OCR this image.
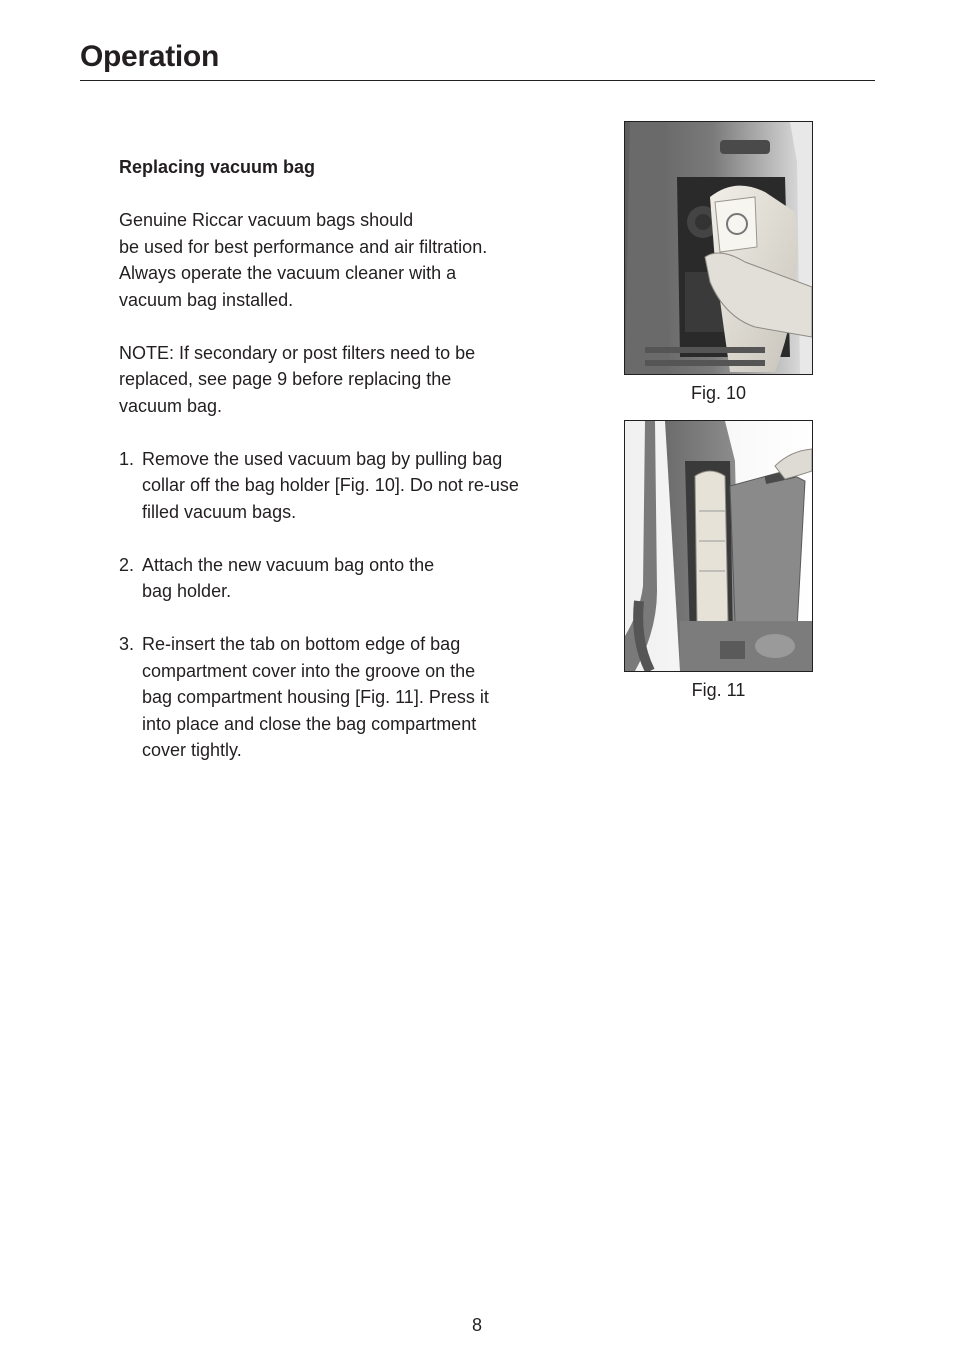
Operation
Replacing vacuum bag

Genuine Riccar vacuum bags should
be used for best performance and air filtration.
Always operate the vacuum cleaner with a
vacuum bag installed.

NOTE: If secondary or post filters need to be
replaced, see page 9 before replacing the
vacuum bag.

1. Remove the used vacuum bag by pulling bag
collar off the bag holder [Fig. 10]. Do not re-use
filled vacuum bags.
2. Attach the new vacuum bag onto the
bag holder.
3. Re-insert the tab on bottom edge of bag
compartment cover into the groove on the
bag compartment housing [Fig. 11]. Press it
into place and close the bag compartment
cover tightly.
Fig. 10
Fig. 11
8
